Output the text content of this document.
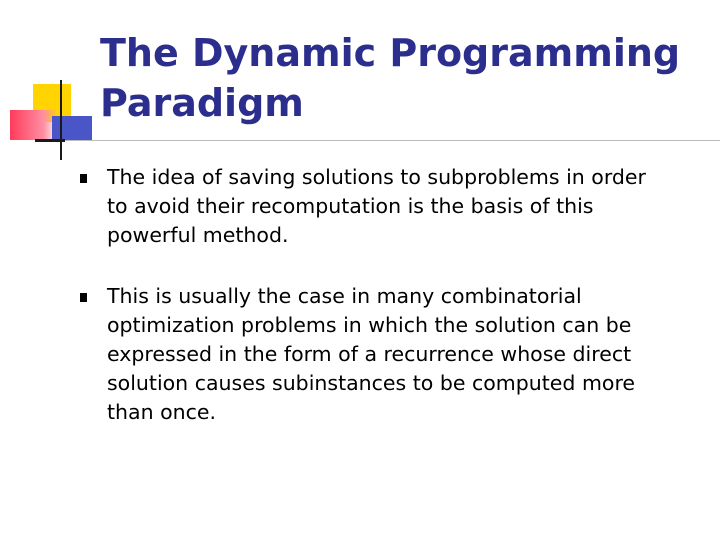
The Dynamic Programming
Paradigm
The idea of saving solutions to subproblems in order
to avoid their recomputation is the basis of this
powerful method.
This is usually the case in many combinatorial
optimization problems in which the solution can be
expressed in the form of a recurrence whose direct
solution causes subinstances to be computed more
than once.
